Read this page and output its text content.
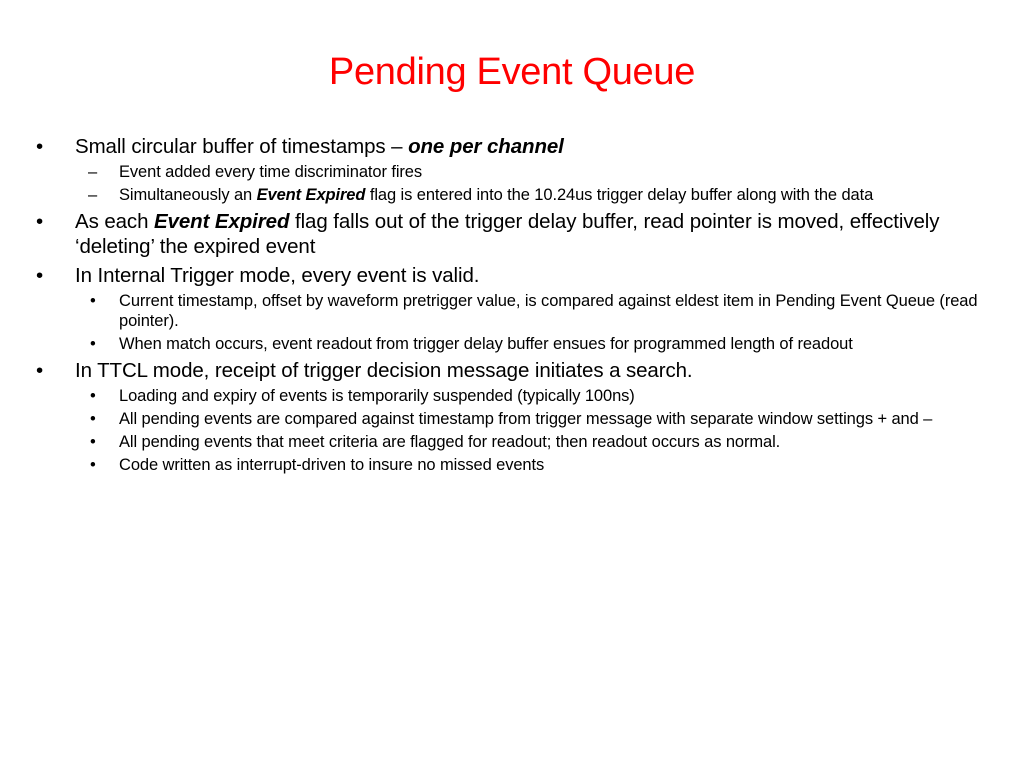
Pending Event Queue
• Small circular buffer of timestamps – one per channel
– Event added every time discriminator fires
– Simultaneously an Event Expired flag is entered into the 10.24us trigger delay buffer along with the data
• As each Event Expired flag falls out of the trigger delay buffer, read pointer is moved, effectively ‘deleting’ the expired event
• In Internal Trigger mode, every event is valid.
• Current timestamp, offset by waveform pretrigger value, is compared against eldest item in Pending Event Queue (read pointer).
• When match occurs, event readout from trigger delay buffer ensues for programmed length of readout
• In TTCL mode, receipt of trigger decision message initiates a search.
• Loading and expiry of events is temporarily suspended (typically 100ns)
• All pending events are compared against timestamp from trigger message with separate window settings + and –
• All pending events that meet criteria are flagged for readout; then readout occurs as normal.
• Code written as interrupt-driven to insure no missed events
